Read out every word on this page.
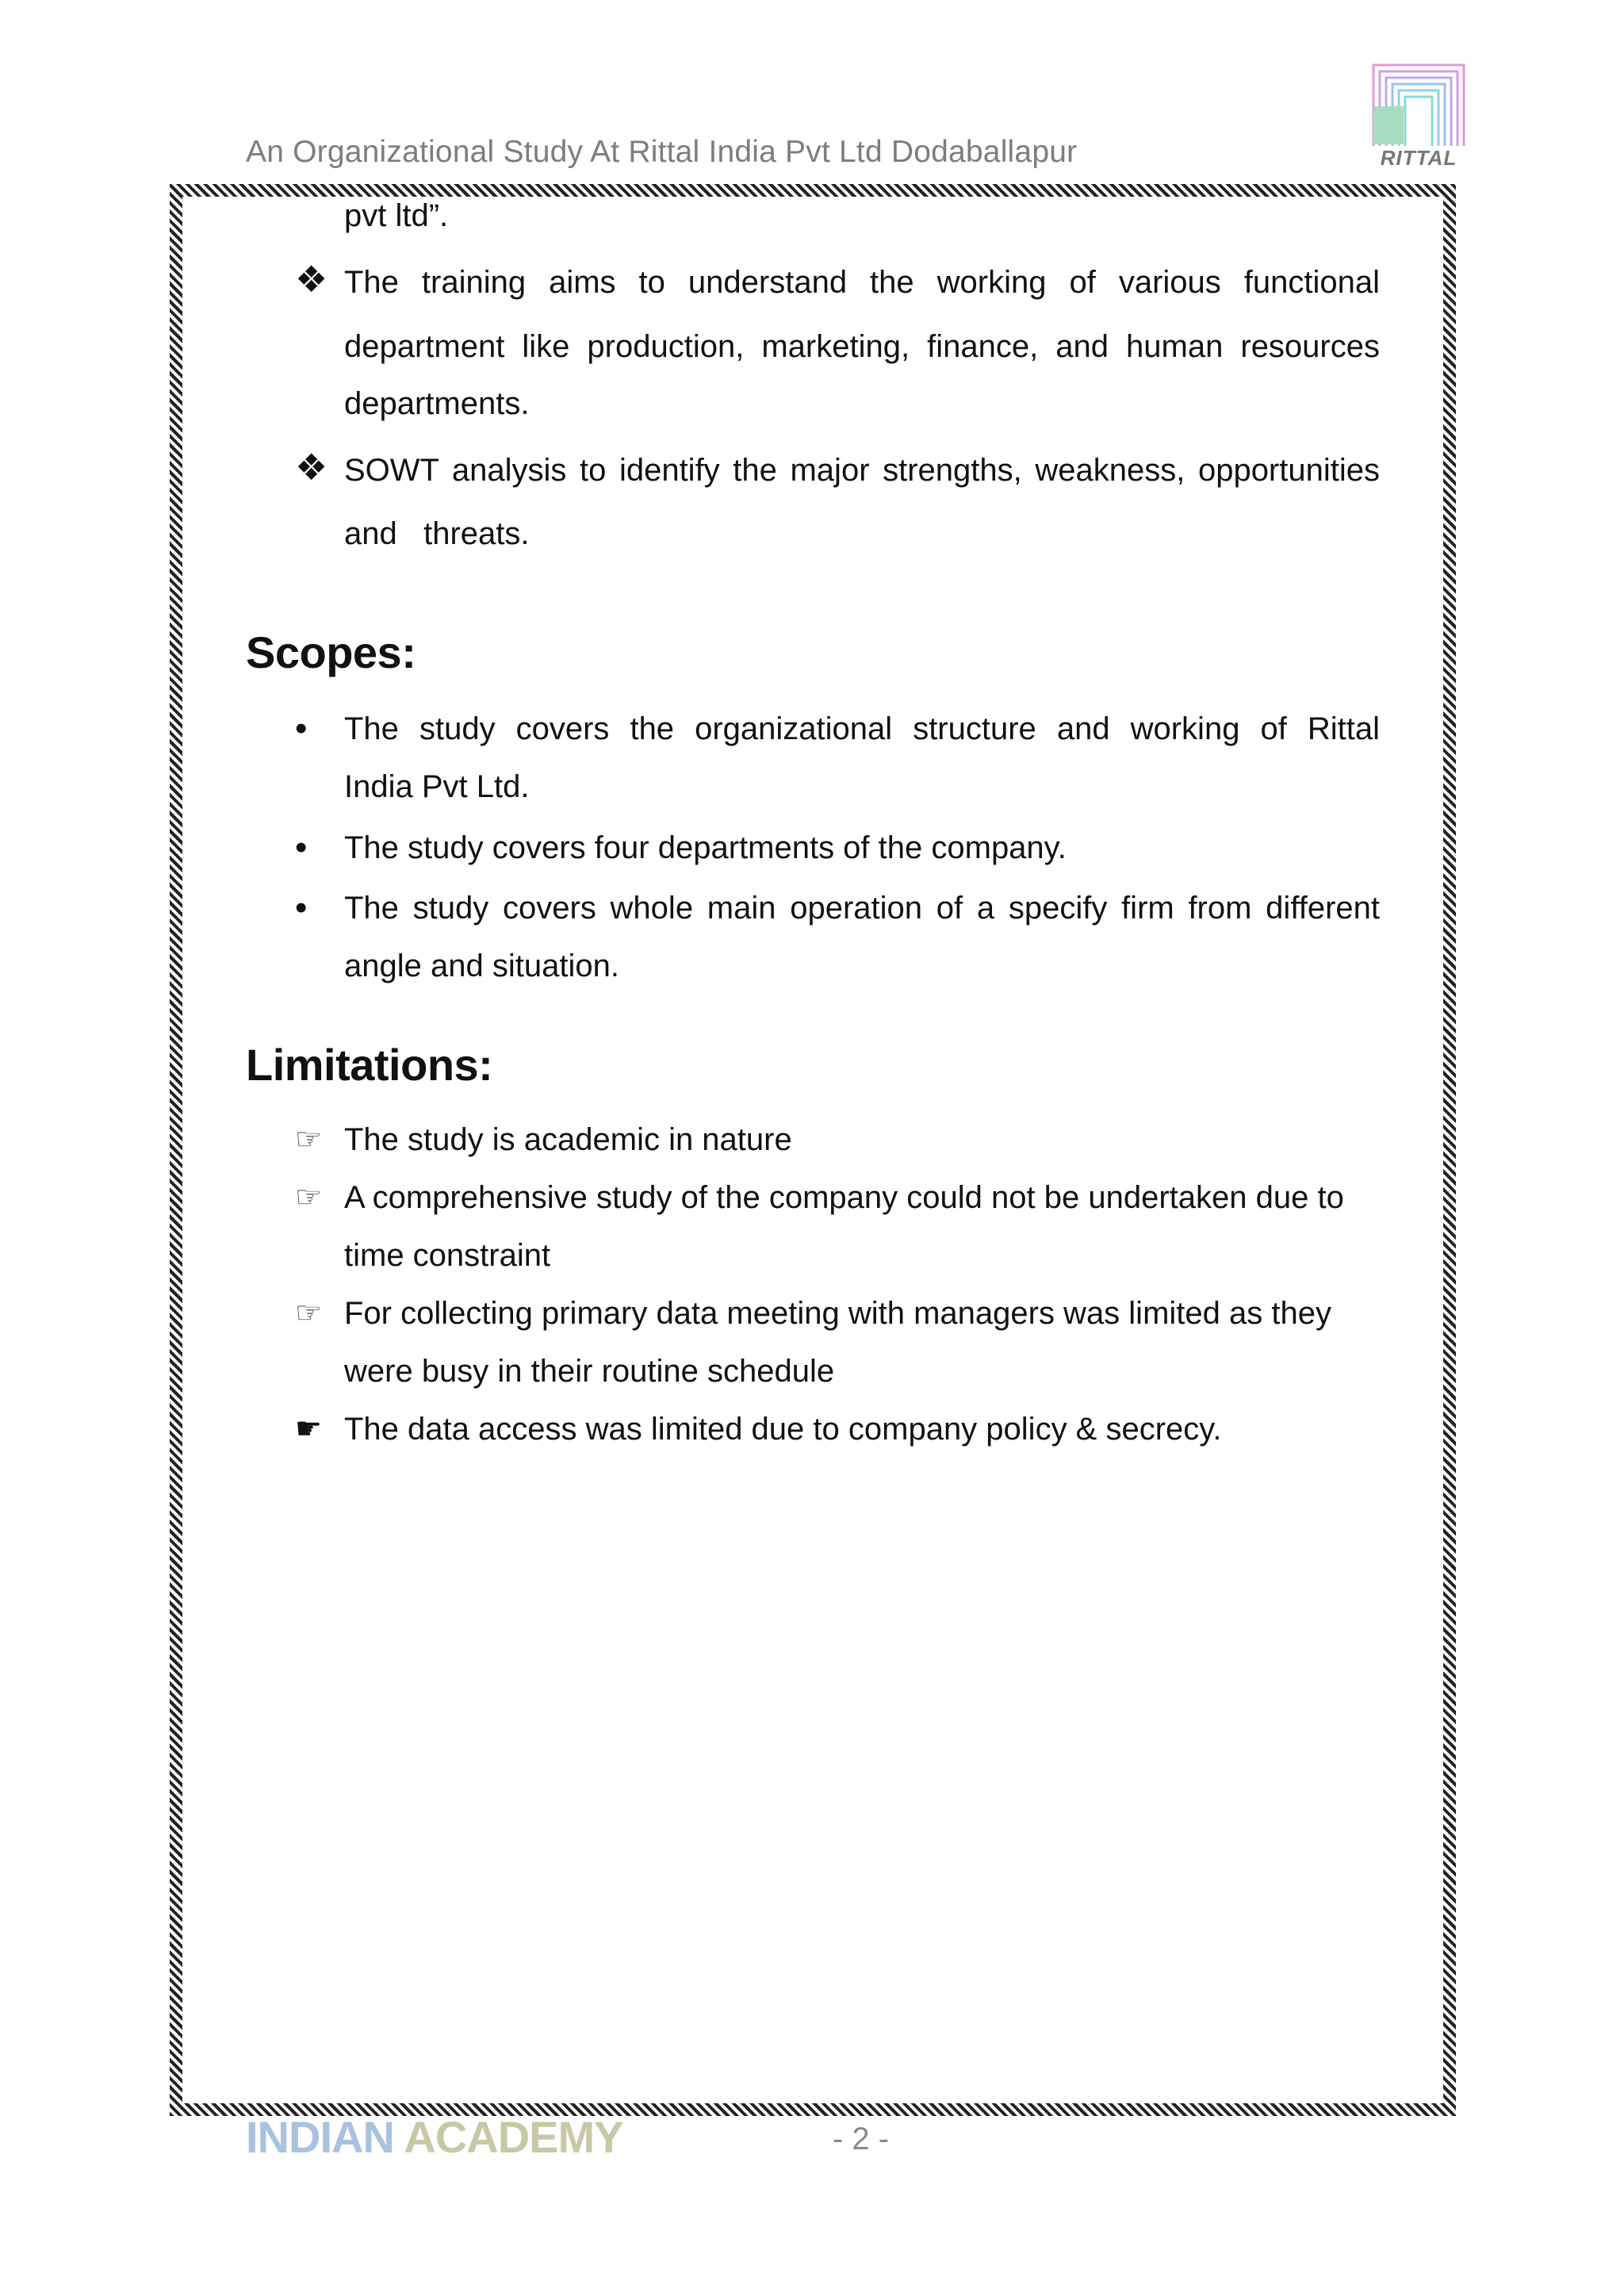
An Organizational Study At Rittal India Pvt Ltd Dodaballapur	RITTAL
pvt ltd”.
❖ The training aims to understand the working of various functional
department like production, marketing, finance, and human resources
departments.
❖ SOWT analysis to identify the major strengths, weakness, opportunities
and   threats.
Scopes:
• The study covers the organizational structure and working of Rittal
India Pvt Ltd.
• The study covers four departments of the company.
• The study covers whole main operation of a specify firm from different
angle and situation.
Limitations:
☞ The study is academic in nature
☞ A comprehensive study of the company could not be undertaken due to
time constraint
☞ For collecting primary data meeting with managers was limited as they
were busy in their routine schedule
☛ The data access was limited due to company policy & secrecy.
INDIAN ACADEMY	- 2 -
